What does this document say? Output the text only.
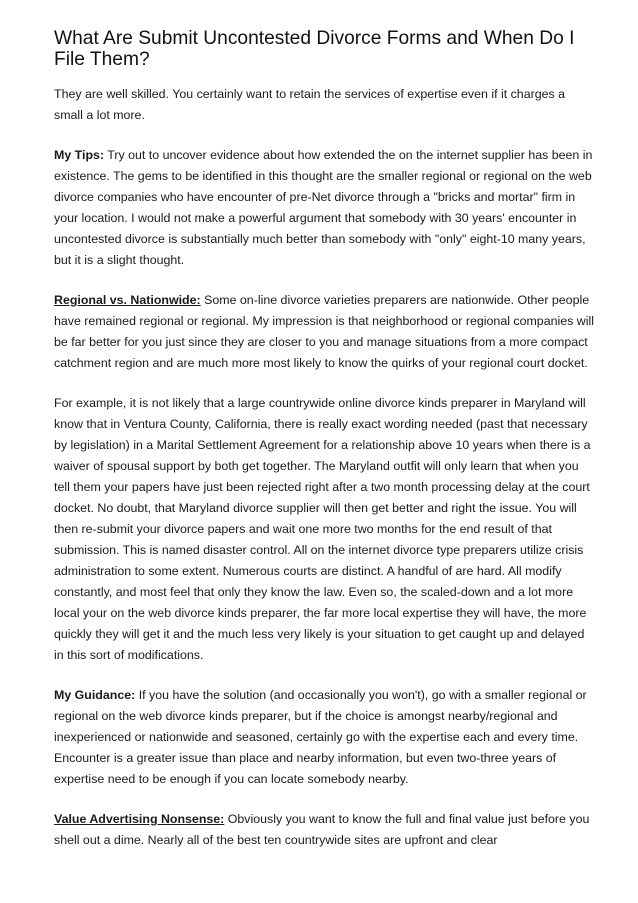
What Are Submit Uncontested Divorce Forms and When Do I File Them?

They are well skilled. You certainly want to retain the services of expertise even if it charges a small a lot more.

My Tips: Try out to uncover evidence about how extended the on the internet supplier has been in existence. The gems to be identified in this thought are the smaller regional or regional on the web divorce companies who have encounter of pre-Net divorce through a "bricks and mortar" firm in your location. I would not make a powerful argument that somebody with 30 years' encounter in uncontested divorce is substantially much better than somebody with "only" eight-10 many years, but it is a slight thought.

Regional vs. Nationwide: Some on-line divorce varieties preparers are nationwide. Other people have remained regional or regional. My impression is that neighborhood or regional companies will be far better for you just since they are closer to you and manage situations from a more compact catchment region and are much more most likely to know the quirks of your regional court docket.

For example, it is not likely that a large countrywide online divorce kinds preparer in Maryland will know that in Ventura County, California, there is really exact wording needed (past that necessary by legislation) in a Marital Settlement Agreement for a relationship above 10 years when there is a waiver of spousal support by both get together. The Maryland outfit will only learn that when you tell them your papers have just been rejected right after a two month processing delay at the court docket. No doubt, that Maryland divorce supplier will then get better and right the issue. You will then re-submit your divorce papers and wait one more two months for the end result of that submission. This is named disaster control. All on the internet divorce type preparers utilize crisis administration to some extent. Numerous courts are distinct. A handful of are hard. All modify constantly, and most feel that only they know the law. Even so, the scaled-down and a lot more local your on the web divorce kinds preparer, the far more local expertise they will have, the more quickly they will get it and the much less very likely is your situation to get caught up and delayed in this sort of modifications.

My Guidance: If you have the solution (and occasionally you won't), go with a smaller regional or regional on the web divorce kinds preparer, but if the choice is amongst nearby/regional and inexperienced or nationwide and seasoned, certainly go with the expertise each and every time. Encounter is a greater issue than place and nearby information, but even two-three years of expertise need to be enough if you can locate somebody nearby.

Value Advertising Nonsense: Obviously you want to know the full and final value just before you shell out a dime. Nearly all of the best ten countrywide sites are upfront and clear
